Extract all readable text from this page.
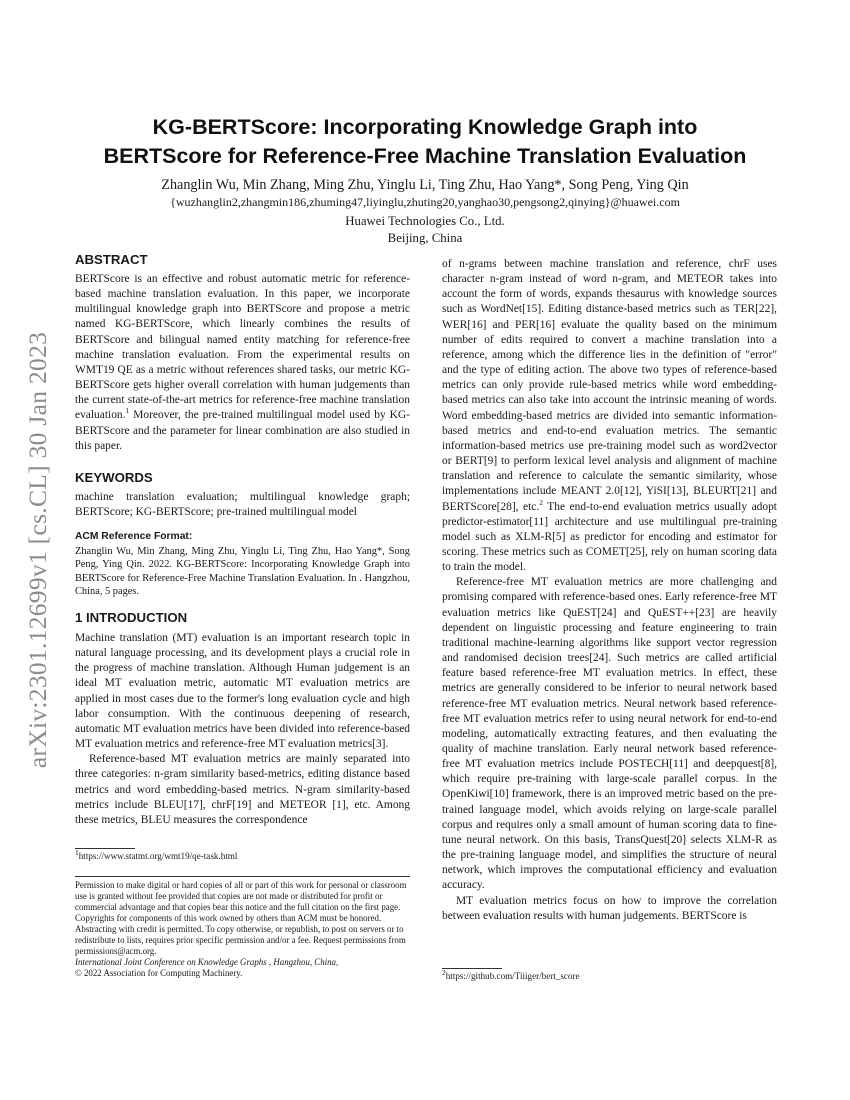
arXiv:2301.12699v1 [cs.CL] 30 Jan 2023
KG-BERTScore: Incorporating Knowledge Graph into
BERTScore for Reference-Free Machine Translation Evaluation
Zhanglin Wu, Min Zhang, Ming Zhu, Yinglu Li, Ting Zhu, Hao Yang*, Song Peng, Ying Qin
{wuzhanglin2,zhangmin186,zhuming47,liyinglu,zhuting20,yanghao30,pengsong2,qinying}@huawei.com
Huawei Technologies Co., Ltd.
Beijing, China
ABSTRACT

BERTScore is an effective and robust automatic metric for reference-based machine translation evaluation. In this paper, we incorporate multilingual knowledge graph into BERTScore and propose a metric named KG-BERTScore, which linearly combines the results of BERTScore and bilingual named entity matching for reference-free machine translation evaluation. From the experimental results on WMT19 QE as a metric without references shared tasks, our metric KG-BERTScore gets higher overall correlation with human judgements than the current state-of-the-art metrics for reference-free machine translation evaluation.$^1$ Moreover, the pre-trained multilingual model used by KG-BERTScore and the parameter for linear combination are also studied in this paper.

KEYWORDS

machine translation evaluation; multilingual knowledge graph; BERTScore; KG-BERTScore; pre-trained multilingual model

ACM Reference Format:

Zhanglin Wu, Min Zhang, Ming Zhu, Yinglu Li, Ting Zhu, Hao Yang*, Song Peng, Ying Qin. 2022. KG-BERTScore: Incorporating Knowledge Graph into BERTScore for Reference-Free Machine Translation Evaluation. In . Hangzhou, China, 5 pages.

1 INTRODUCTION

Machine translation (MT) evaluation is an important research topic in natural language processing, and its development plays a crucial role in the progress of machine translation. Although Human judgement is an ideal MT evaluation metric, automatic MT evaluation metrics are applied in most cases due to the former's long evaluation cycle and high labor consumption. With the continuous deepening of research, automatic MT evaluation metrics have been divided into reference-based MT evaluation metrics and reference-free MT evaluation metrics[3].

Reference-based MT evaluation metrics are mainly separated into three categories: n-gram similarity based-metrics, editing distance based metrics and word embedding-based metrics. N-gram similarity-based metrics include BLEU[17], chrF[19] and METEOR [1], etc. Among these metrics, BLEU measures the correspondence

$^1$https://www.statmt.org/wmt19/qe-task.html

Permission to make digital or hard copies of all or part of this work for personal or classroom use is granted without fee provided that copies are not made or distributed for profit or commercial advantage and that copies bear this notice and the full citation on the first page. Copyrights for components of this work owned by others than ACM must be honored. Abstracting with credit is permitted. To copy otherwise, or republish, to post on servers or to redistribute to lists, requires prior specific permission and/or a fee. Request permissions from permissions@acm.org.

International Joint Conference on Knowledge Graphs , Hangzhou, China,

© 2022 Association for Computing Machinery.

of n-grams between machine translation and reference, chrF uses character n-gram instead of word n-gram, and METEOR takes into account the form of words, expands thesaurus with knowledge sources such as WordNet[15]. Editing distance-based metrics such as TER[22], WER[16] and PER[16] evaluate the quality based on the minimum number of edits required to convert a machine translation into a reference, among which the difference lies in the definition of "error" and the type of editing action. The above two types of reference-based metrics can only provide rule-based metrics while word embedding-based metrics can also take into account the intrinsic meaning of words. Word embedding-based metrics are divided into semantic information-based metrics and end-to-end evaluation metrics. The semantic information-based metrics use pre-training model such as word2vector or BERT[9] to perform lexical level analysis and alignment of machine translation and reference to calculate the semantic similarity, whose implementations include MEANT 2.0[12], YiSI[13], BLEURT[21] and BERTScore[28], etc.$^2$ The end-to-end evaluation metrics usually adopt predictor-estimator[11] architecture and use multilingual pre-training model such as XLM-R[5] as predictor for encoding and estimator for scoring. These metrics such as COMET[25], rely on human scoring data to train the model.

Reference-free MT evaluation metrics are more challenging and promising compared with reference-based ones. Early reference-free MT evaluation metrics like QuEST[24] and QuEST++[23] are heavily dependent on linguistic processing and feature engineering to train traditional machine-learning algorithms like support vector regression and randomised decision trees[24]. Such metrics are called artificial feature based reference-free MT evaluation metrics. In effect, these metrics are generally considered to be inferior to neural network based reference-free MT evaluation metrics. Neural network based reference-free MT evaluation metrics refer to using neural network for end-to-end modeling, automatically extracting features, and then evaluating the quality of machine translation. Early neural network based reference-free MT evaluation metrics include POSTECH[11] and deepquest[8], which require pre-training with large-scale parallel corpus. In the OpenKiwi[10] framework, there is an improved metric based on the pre-trained language model, which avoids relying on large-scale parallel corpus and requires only a small amount of human scoring data to fine-tune neural network. On this basis, TransQuest[20] selects XLM-R as the pre-training language model, and simplifies the structure of neural network, which improves the computational efficiency and evaluation accuracy.

MT evaluation metrics focus on how to improve the correlation between evaluation results with human judgements. BERTScore is

$^2$https://github.com/Tiiiger/bert_score
